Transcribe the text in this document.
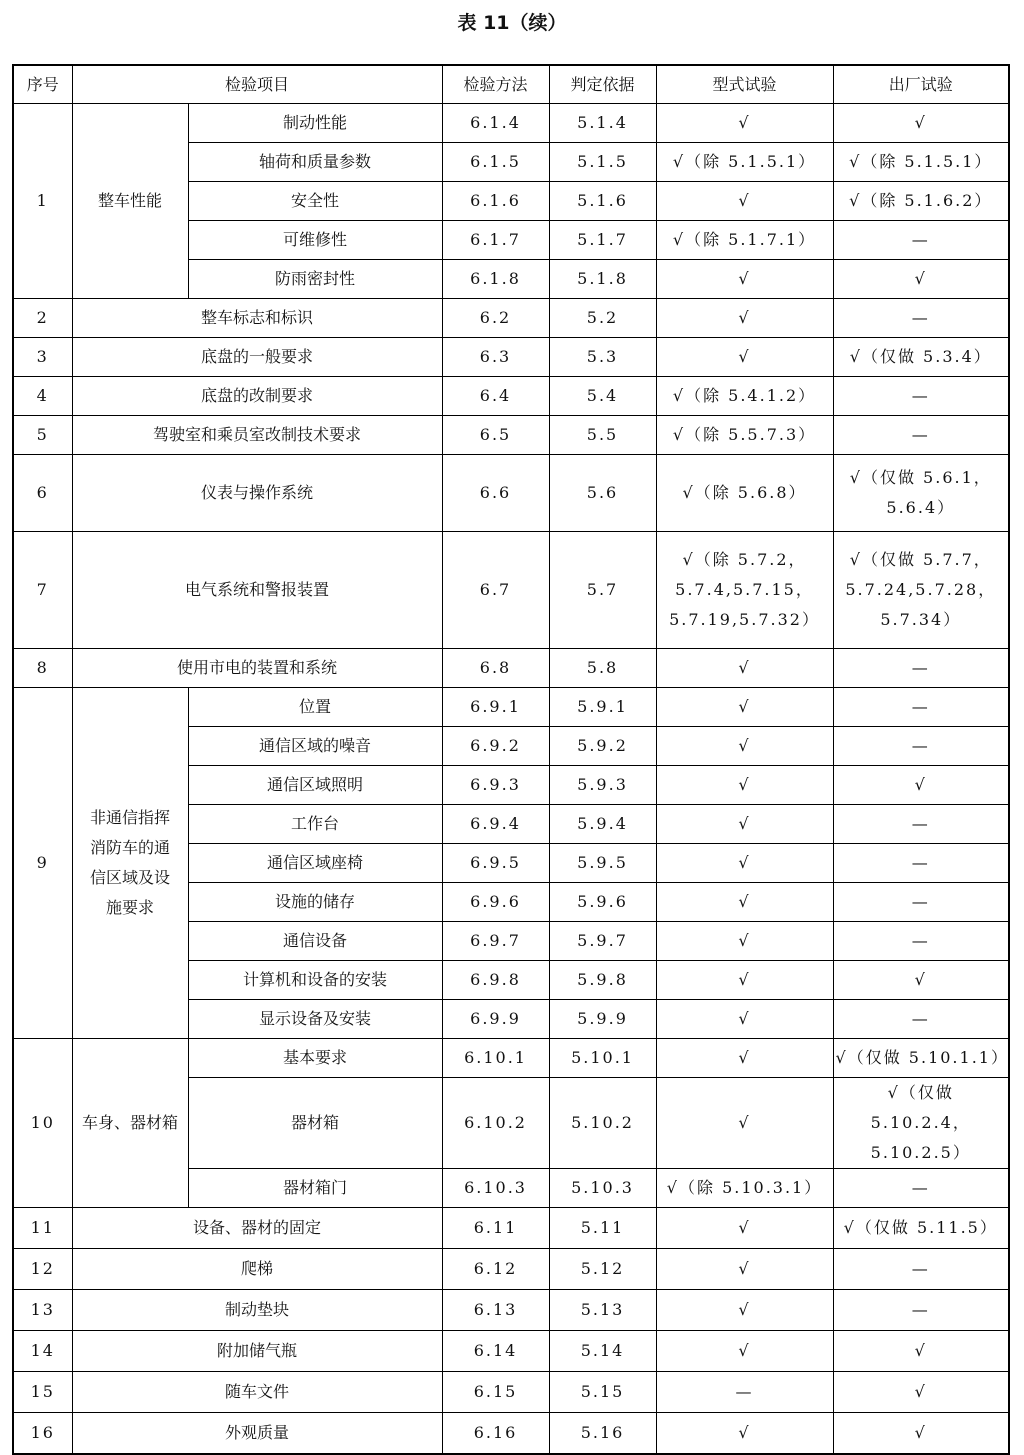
表 11（续）
序号	检验项目		检验方法	判定依据	型式试验	出厂试验
1	整车性能	制动性能	6.1.4	5.1.4	√	√
		轴荷和质量参数	6.1.5	5.1.5	√（除 5.1.5.1）	√（除 5.1.5.1）
		安全性	6.1.6	5.1.6	√	√（除 5.1.6.2）
		可维修性	6.1.7	5.1.7	√（除 5.1.7.1）	—
		防雨密封性	6.1.8	5.1.8	√	√
2	整车标志和标识		6.2	5.2	√	—
3	底盘的一般要求		6.3	5.3	√	√（仅做 5.3.4）
4	底盘的改制要求		6.4	5.4	√（除 5.4.1.2）	—
5	驾驶室和乘员室改制技术要求		6.5	5.5	√（除 5.5.7.3）	—
6	仪表与操作系统		6.6	5.6	√（除 5.6.8）	√（仅做 5.6.1，
5.6.4）
7	电气系统和警报装置		6.7	5.7	√（除 5.7.2，
5.7.4,5.7.15，
5.7.19,5.7.32）	√（仅做 5.7.7，
5.7.24,5.7.28，
5.7.34）
8	使用市电的装置和系统		6.8	5.8	√	—
9	非通信指挥
消防车的通
信区域及设
施要求	位置	6.9.1	5.9.1	√	—
		通信区域的噪音	6.9.2	5.9.2	√	—
		通信区域照明	6.9.3	5.9.3	√	√
		工作台	6.9.4	5.9.4	√	—
		通信区域座椅	6.9.5	5.9.5	√	—
		设施的储存	6.9.6	5.9.6	√	—
		通信设备	6.9.7	5.9.7	√	—
		计算机和设备的安装	6.9.8	5.9.8	√	√
		显示设备及安装	6.9.9	5.9.9	√	—
10	车身、器材箱	基本要求	6.10.1	5.10.1	√	√（仅做 5.10.1.1）
		器材箱	6.10.2	5.10.2	√	√（仅做 5.10.2.4，
5.10.2.5）
		器材箱门	6.10.3	5.10.3	√（除 5.10.3.1）	—
11	设备、器材的固定		6.11	5.11	√	√（仅做 5.11.5）
12	爬梯		6.12	5.12	√	—
13	制动垫块		6.13	5.13	√	—
14	附加储气瓶		6.14	5.14	√	√
15	随车文件		6.15	5.15	—	√
16	外观质量		6.16	5.16	√	√
